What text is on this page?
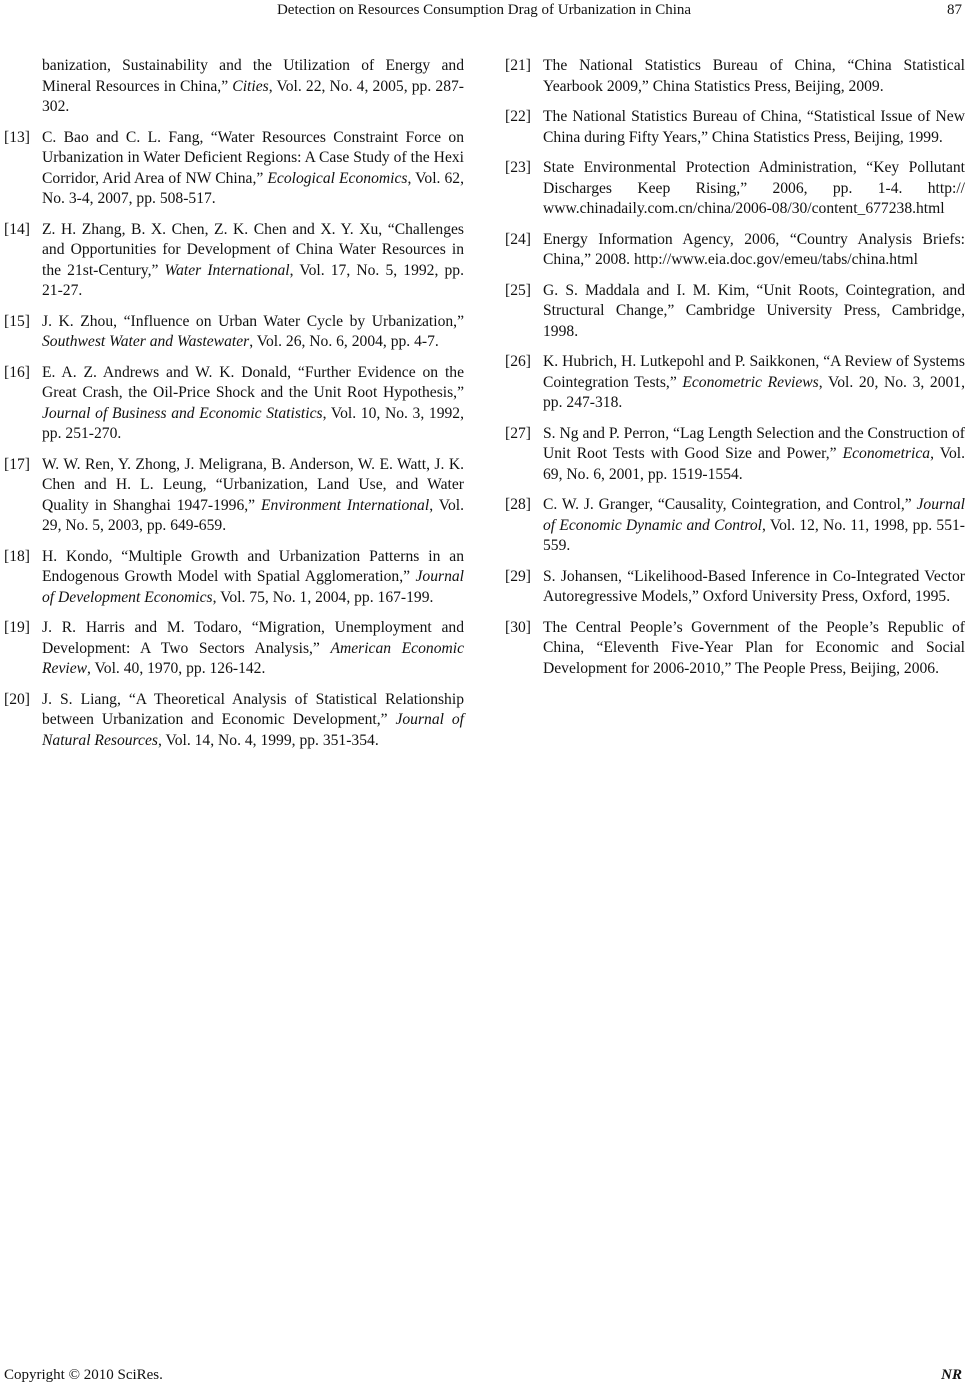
Detection on Resources Consumption Drag of Urbanization in China	87
banization, Sustainability and the Utilization of Energy and Mineral Resources in China,” Cities, Vol. 22, No. 4, 2005, pp. 287-302.
[13] C. Bao and C. L. Fang, “Water Resources Constraint Force on Urbanization in Water Deficient Regions: A Case Study of the Hexi Corridor, Arid Area of NW China,” Ecological Economics, Vol. 62, No. 3-4, 2007, pp. 508-517.
[14] Z. H. Zhang, B. X. Chen, Z. K. Chen and X. Y. Xu, “Challenges and Opportunities for Development of China Water Resources in the 21st-Century,” Water International, Vol. 17, No. 5, 1992, pp. 21-27.
[15] J. K. Zhou, “Influence on Urban Water Cycle by Urbanization,” Southwest Water and Wastewater, Vol. 26, No. 6, 2004, pp. 4-7.
[16] E. A. Z. Andrews and W. K. Donald, “Further Evidence on the Great Crash, the Oil-Price Shock and the Unit Root Hypothesis,” Journal of Business and Economic Statistics, Vol. 10, No. 3, 1992, pp. 251-270.
[17] W. W. Ren, Y. Zhong, J. Meligrana, B. Anderson, W. E. Watt, J. K. Chen and H. L. Leung, “Urbanization, Land Use, and Water Quality in Shanghai 1947-1996,” Environment International, Vol. 29, No. 5, 2003, pp. 649-659.
[18] H. Kondo, “Multiple Growth and Urbanization Patterns in an Endogenous Growth Model with Spatial Agglomeration,” Journal of Development Economics, Vol. 75, No. 1, 2004, pp. 167-199.
[19] J. R. Harris and M. Todaro, “Migration, Unemployment and Development: A Two Sectors Analysis,” American Economic Review, Vol. 40, 1970, pp. 126-142.
[20] J. S. Liang, “A Theoretical Analysis of Statistical Relationship between Urbanization and Economic Development,” Journal of Natural Resources, Vol. 14, No. 4, 1999, pp. 351-354.
[21] The National Statistics Bureau of China, “China Statistical Yearbook 2009,” China Statistics Press, Beijing, 2009.
[22] The National Statistics Bureau of China, “Statistical Issue of New China during Fifty Years,” China Statistics Press, Beijing, 1999.
[23] State Environmental Protection Administration, “Key Pollutant Discharges Keep Rising,” 2006, pp. 1-4. http:// www.chinadaily.com.cn/china/2006-08/30/content_677238.html
[24] Energy Information Agency, 2006, “Country Analysis Briefs: China,” 2008. http://www.eia.doc.gov/emeu/tabs/china.html
[25] G. S. Maddala and I. M. Kim, “Unit Roots, Cointegration, and Structural Change,” Cambridge University Press, Cambridge, 1998.
[26] K. Hubrich, H. Lutkepohl and P. Saikkonen, “A Review of Systems Cointegration Tests,” Econometric Reviews, Vol. 20, No. 3, 2001, pp. 247-318.
[27] S. Ng and P. Perron, “Lag Length Selection and the Construction of Unit Root Tests with Good Size and Power,” Econometrica, Vol. 69, No. 6, 2001, pp. 1519-1554.
[28] C. W. J. Granger, “Causality, Cointegration, and Control,” Journal of Economic Dynamic and Control, Vol. 12, No. 11, 1998, pp. 551-559.
[29] S. Johansen, “Likelihood-Based Inference in Co-Integrated Vector Autoregressive Models,” Oxford University Press, Oxford, 1995.
[30] The Central People’s Government of the People’s Republic of China, “Eleventh Five-Year Plan for Economic and Social Development for 2006-2010,” The People Press, Beijing, 2006.
Copyright © 2010 SciRes.	NR
